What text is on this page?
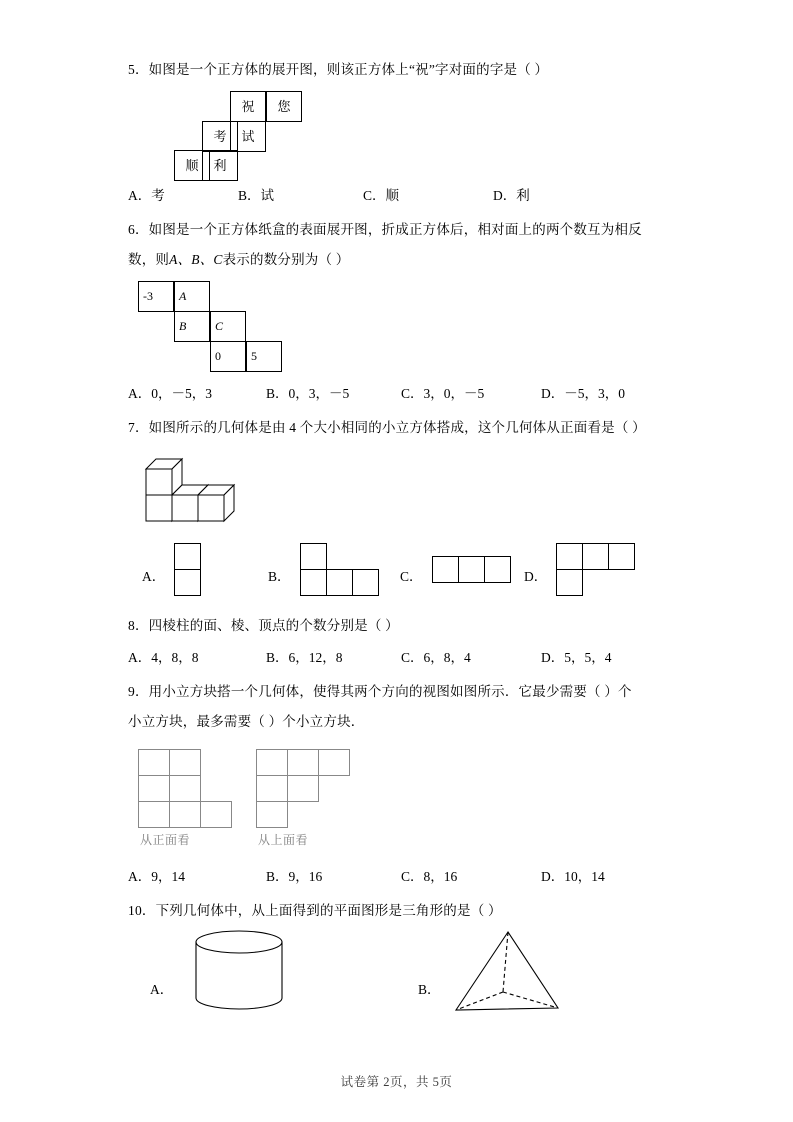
5．如图是一个正方体的展开图，则该正方体上“祝”字对面的字是（ ）
祝	您
考	试
顺	利
A．考	B．试	C．顺	D．利
6．如图是一个正方体纸盒的表面展开图，折成正方体后，相对面上的两个数互为相反
数，则A、B、C表示的数分别为（ ）
-3	A
B	C
0	5
A．0，－5，3	B．0，3，－5	C．3，0，－5	D．－5，3，0
7．如图所示的几何体是由 4 个大小相同的小立方体搭成，这个几何体从正面看是（ ）
A．	B．	C．	D．
8．四棱柱的面、棱、顶点的个数分别是（ ）
A．4，8，8	B．6，12，8	C．6，8，4	D．5，5，4
9．用小立方块搭一个几何体，使得其两个方向的视图如图所示．它最少需要（ ）个
小立方块，最多需要（ ）个小立方块．
从正面看	从上面看
A．9，14	B．9，16	C．8，16	D．10，14
10．下列几何体中，从上面得到的平面图形是三角形的是（ ）
A．	B．
试卷第 2页，共 5页
